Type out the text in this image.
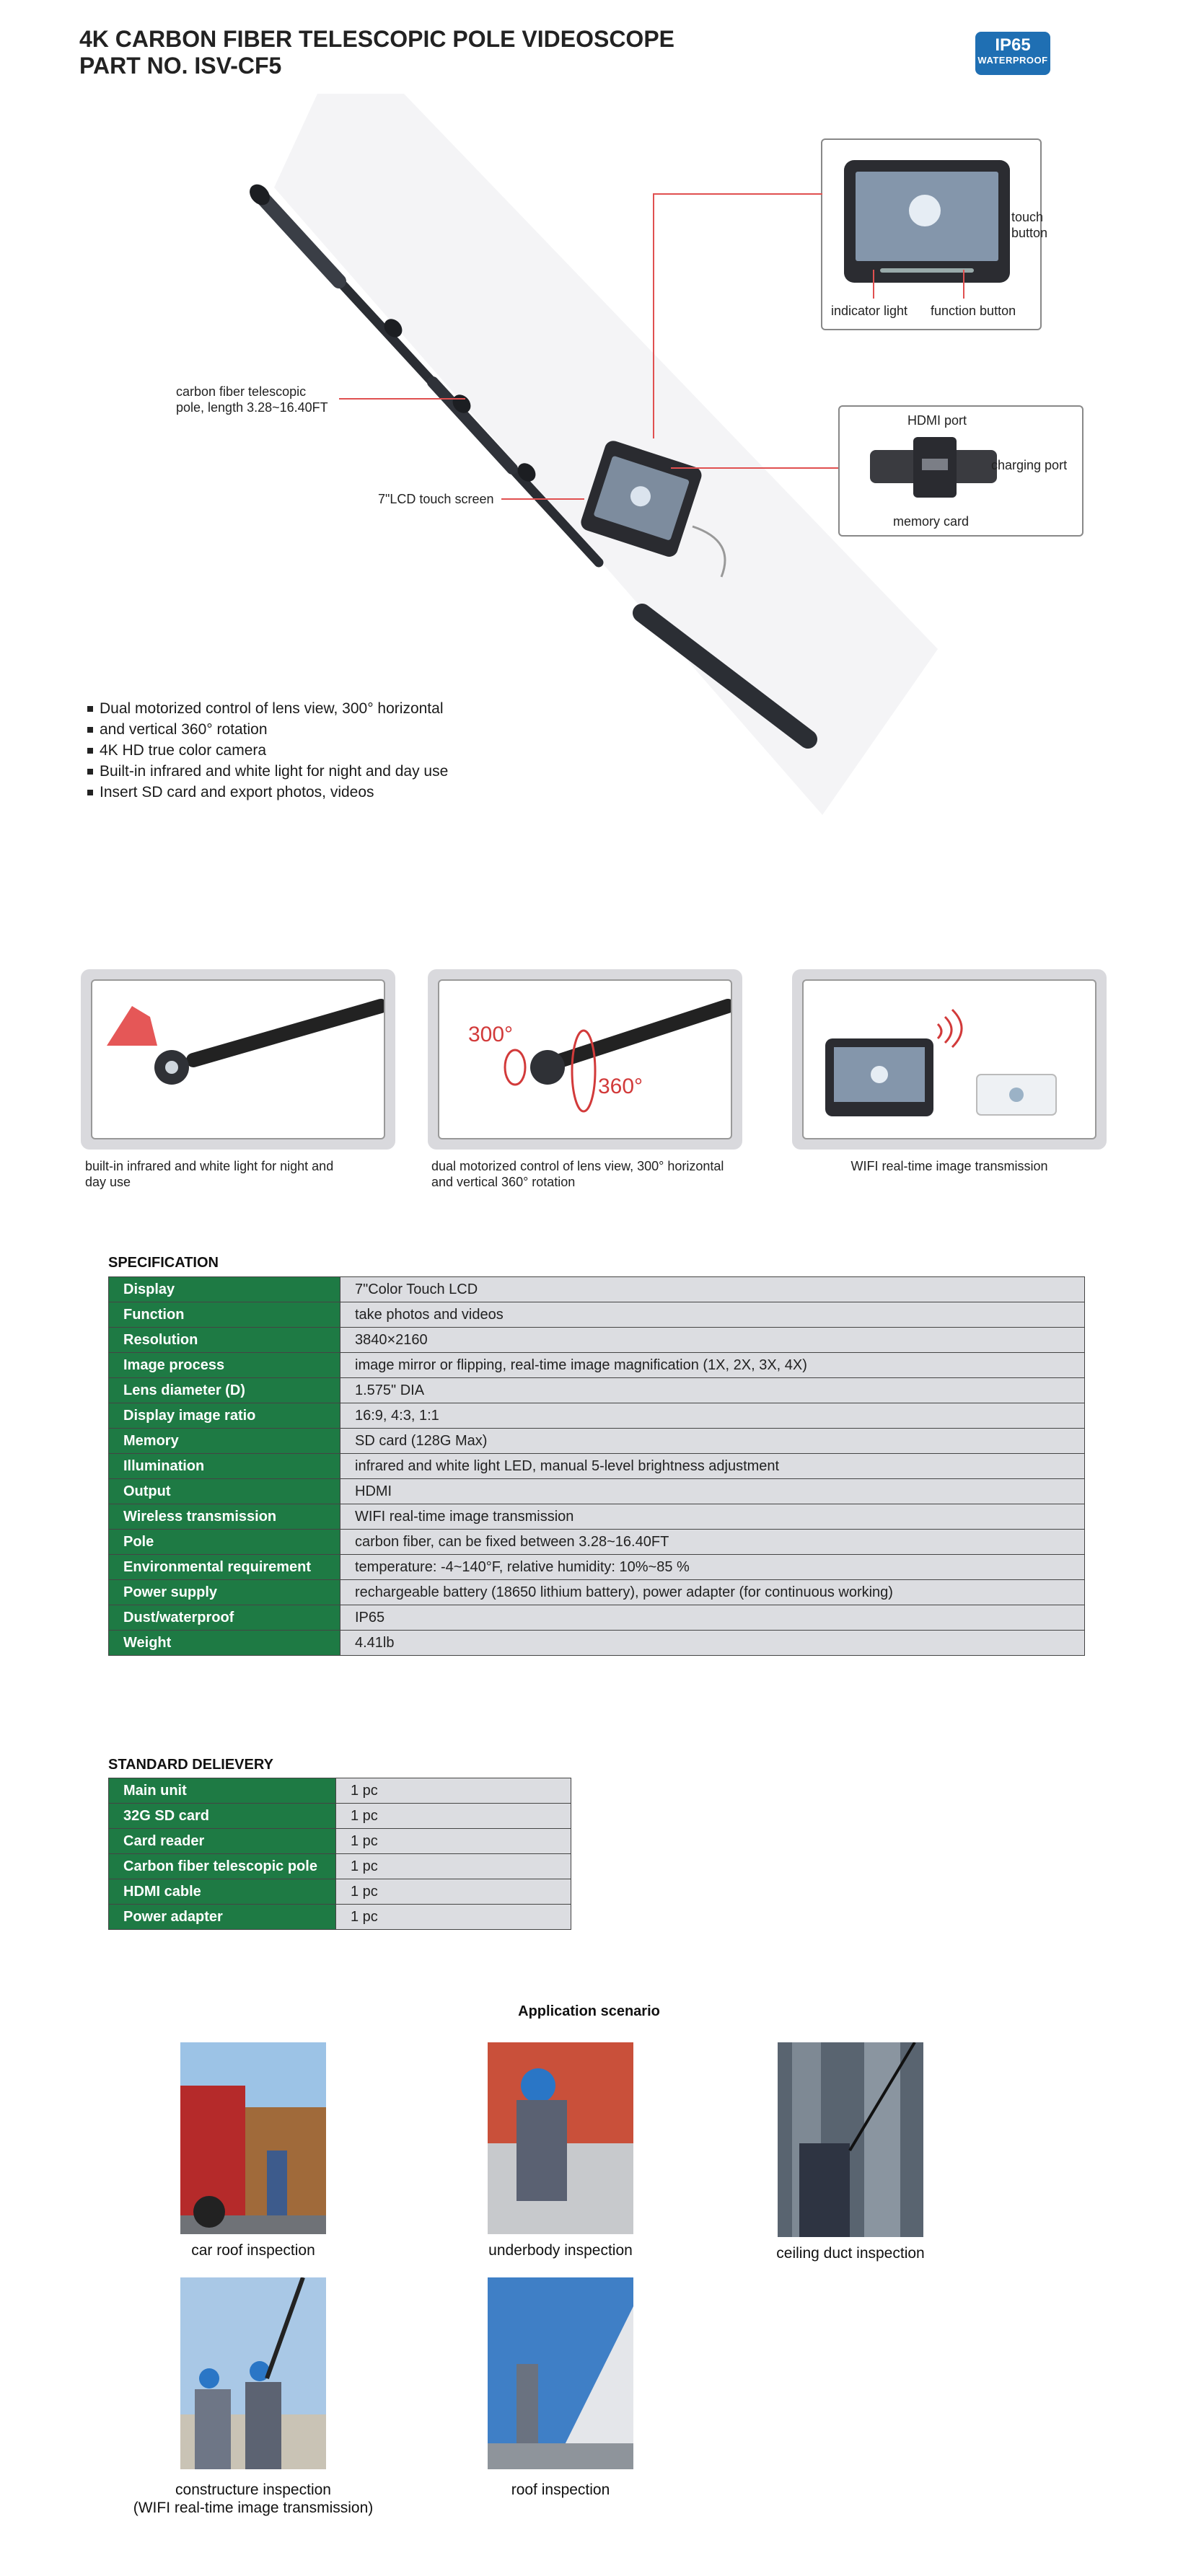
4K CARBON FIBER TELESCOPIC POLE VIDEOSCOPE
PART NO. ISV-CF5
IP65
WATERPROOF
touch button
indicator light function button
HDMI port
charging port
memory card
carbon fiber telescopic
pole, length 3.28~16.40FT
7"LCD touch screen
Dual motorized control of lens view, 300° horizontal
and vertical 360° rotation
4K HD true color camera
Built-in infrared and white light for night and day use
Insert SD card and export photos, videos
300°
360°
built-in infrared and white light for night and
day use
dual motorized control of lens view, 300° horizontal
and vertical 360° rotation
WIFI real-time image transmission
SPECIFICATION
Display	7"Color Touch LCD
Function	take photos and videos
Resolution	3840×2160
Image process	image mirror or flipping, real-time image magnification (1X, 2X, 3X, 4X)
Lens diameter (D)	1.575" DIA
Display image ratio	16:9, 4:3, 1:1
Memory	SD card (128G Max)
Illumination	infrared and white light LED, manual 5-level brightness adjustment
Output	HDMI
Wireless transmission	WIFI real-time image transmission
Pole	carbon fiber, can be fixed between 3.28~16.40FT
Environmental requirement	temperature: -4~140°F, relative humidity: 10%~85 %
Power supply	rechargeable battery (18650 lithium battery), power adapter (for continuous working)
Dust/waterproof	IP65
Weight	4.41lb
STANDARD DELIEVERY
Main unit	1 pc
32G SD card	1 pc
Card reader	1 pc
Carbon fiber telescopic pole	1 pc
HDMI cable	1 pc
Power adapter	1 pc
Application scenario
car roof inspection	underbody inspection	ceiling duct inspection
constructure inspection
(WIFI real-time image transmission)
roof inspection
